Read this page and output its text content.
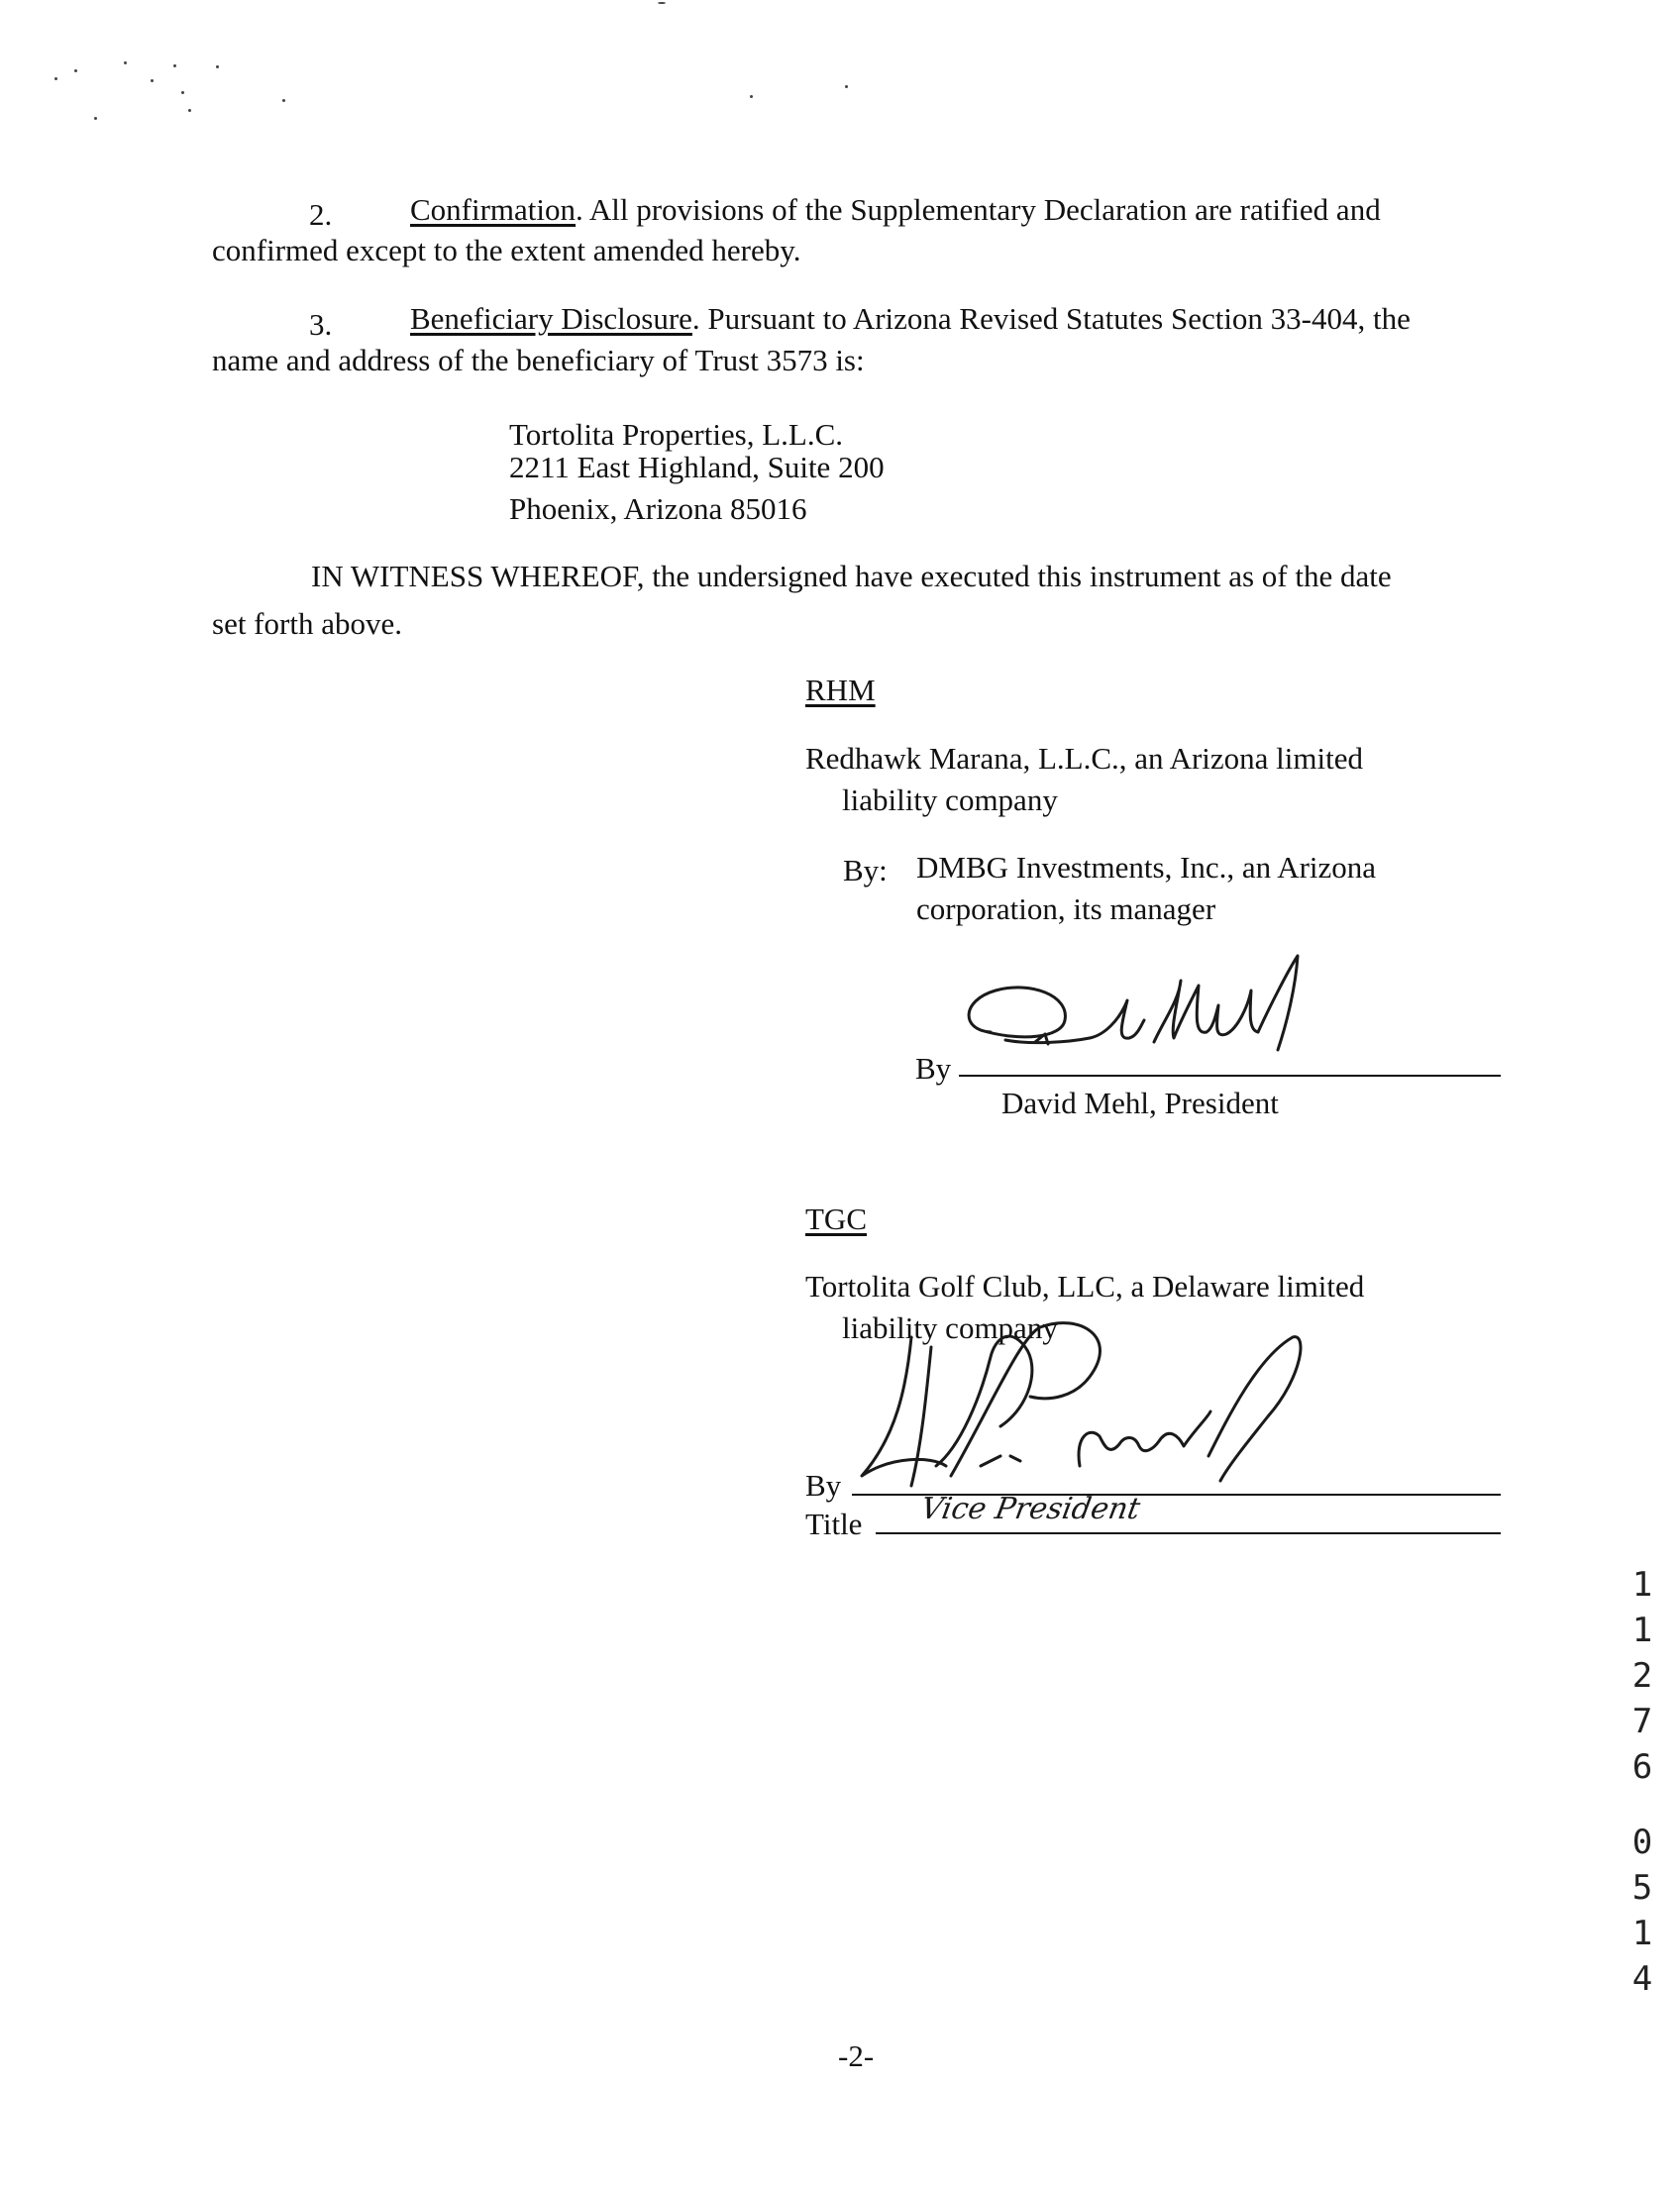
2.	Confirmation. All provisions of the Supplementary Declaration are ratified and
confirmed except to the extent amended hereby.
3.	Beneficiary Disclosure. Pursuant to Arizona Revised Statutes Section 33-404, the
name and address of the beneficiary of Trust 3573 is:
Tortolita Properties, L.L.C.
2211 East Highland, Suite 200
Phoenix, Arizona 85016
IN WITNESS WHEREOF, the undersigned have executed this instrument as of the date
set forth above.
RHM
Redhawk Marana, L.L.C., an Arizona limited
liability company
By: DMBG Investments, Inc., an Arizona
corporation, its manager
By
David Mehl, President
TGC
Tortolita Golf Club, LLC, a Delaware limited
liability company
By
Title Vice President
1
1
2
7
6
0
5
1
4
-2-
